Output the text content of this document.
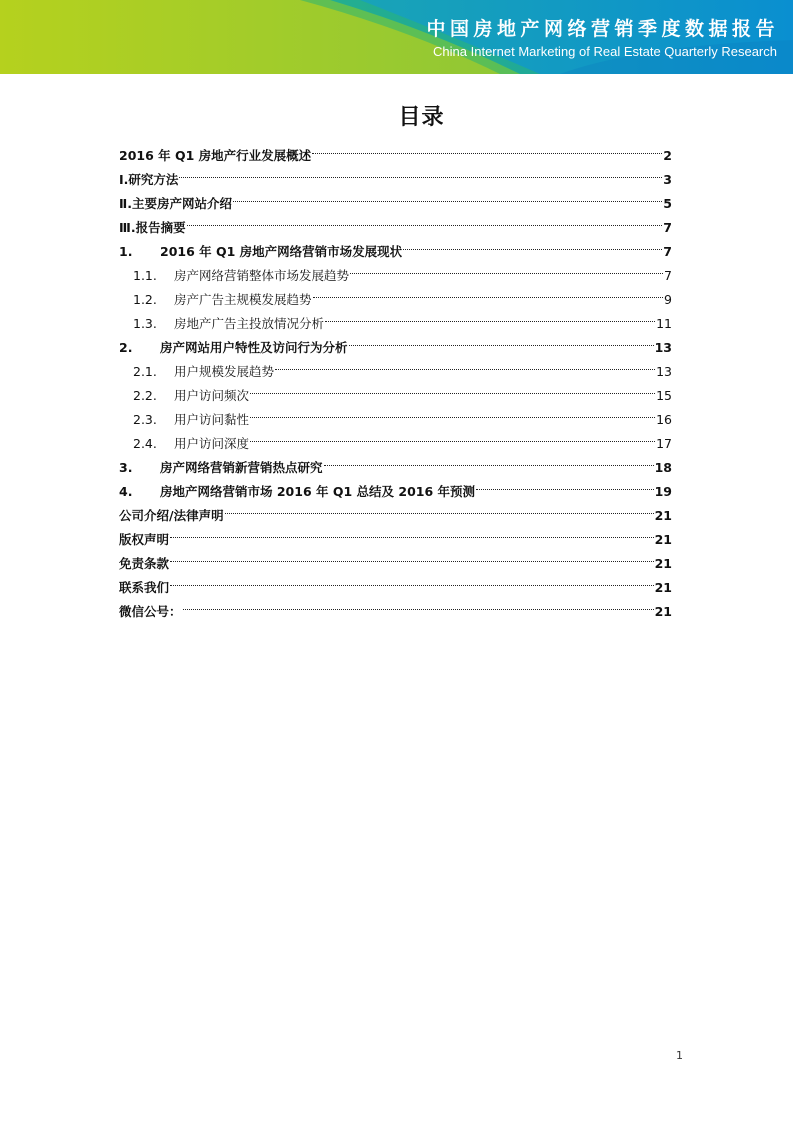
中国房地产网络营销季度数据报告
China Internet Marketing of Real Estate Quarterly Research
目录
2016 年 Q1 房地产行业发展概述	2
Ⅰ.研究方法	3
Ⅱ.主要房产网站介绍	5
Ⅲ.报告摘要	7
1.	2016 年 Q1 房地产网络营销市场发展现状	7
1.1.	房产网络营销整体市场发展趋势	7
1.2.	房产广告主规模发展趋势	9
1.3.	房地产广告主投放情况分析	11
2.	房产网站用户特性及访问行为分析	13
2.1.	用户规模发展趋势	13
2.2.	用户访问频次	15
2.3.	用户访问黏性	16
2.4.	用户访问深度	17
3.	房产网络营销新营销热点研究	18
4.	房地产网络营销市场 2016 年 Q1 总结及 2016 年预测	19
公司介绍/法律声明	21
版权声明	21
免责条款	21
联系我们	21
微信公号：	21
1
